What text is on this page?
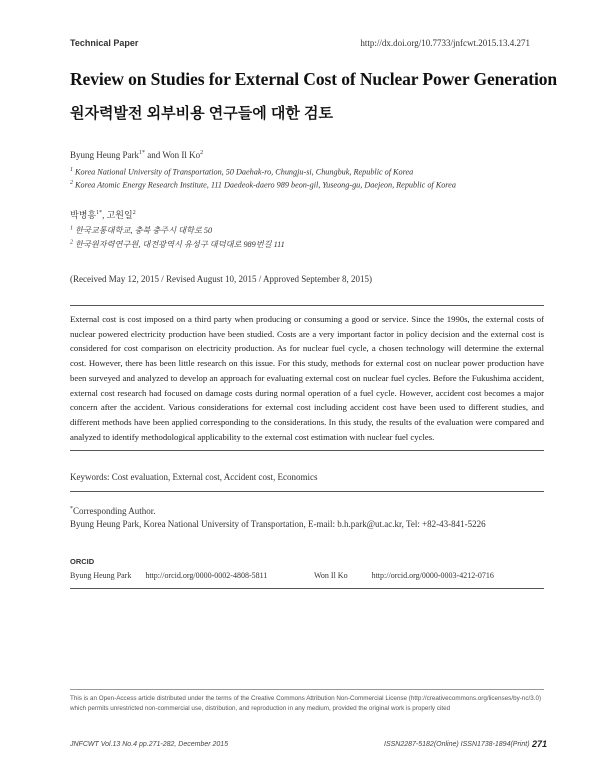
Technical Paper	http://dx.doi.org/10.7733/jnfcwt.2015.13.4.271
Review on Studies for External Cost of Nuclear Power Generation
원자력발전 외부비용 연구들에 대한 검토
Byung Heung Park$^{1*}$ and Won Il Ko$^2$
$^1$ Korea National University of Transportation, 50 Daehak-ro, Chungju-si, Chungbuk, Republic of Korea
$^2$ Korea Atomic Energy Research Institute, 111 Daedeok-daero 989 beon-gil, Yuseong-gu, Daejeon, Republic of Korea
박병흥$^{1*}$, 고원일$^2$
$^1$ 한국교통대학교, 충북 충주시 대학로 50
$^2$ 한국원자력연구원, 대전광역시 유성구 대덕대로 989번길 111
(Received May 12, 2015 / Revised August 10, 2015 / Approved September 8, 2015)

External cost is cost imposed on a third party when producing or consuming a good or service. Since the 1990s, the external costs of nuclear powered electricity production have been studied. Costs are a very important factor in policy decision and the external cost is considered for cost comparison on electricity production. As for nuclear fuel cycle, a chosen technology will determine the external cost. However, there has been little research on this issue. For this study, methods for external cost on nuclear power production have been surveyed and analyzed to develop an approach for evaluating external cost on nuclear fuel cycles. Before the Fukushima accident, external cost research had focused on damage costs during normal operation of a fuel cycle. However, accident cost becomes a major concern after the accident. Various considerations for external cost including accident cost have been used to different studies, and different methods have been applied corresponding to the considerations. In this study, the results of the evaluation were compared and analyzed to identify methodological applicability to the external cost estimation with nuclear fuel cycles.

Keywords: Cost evaluation, External cost, Accident cost, Economics
*Corresponding Author.
Byung Heung Park, Korea National University of Transportation, E-mail: b.h.park@ut.ac.kr, Tel: +82-43-841-5226
ORCID
Byung Heung Park http://orcid.org/0000-0002-4808-5811	Won Il Ko	http://orcid.org/0000-0003-4212-0716
This is an Open-Access article distributed under the terms of the Creative Commons Attribution Non-Commercial License (http://creativecommons.org/licenses/by-nc/3.0) which permits unrestricted non-commercial use, distribution, and reproduction in any medium, provided the original work is properly cited
JNFCWT Vol.13 No.4 pp.271-282, December 2015	ISSN2287-5182(Online) ISSN1738-1894(Print) 271
